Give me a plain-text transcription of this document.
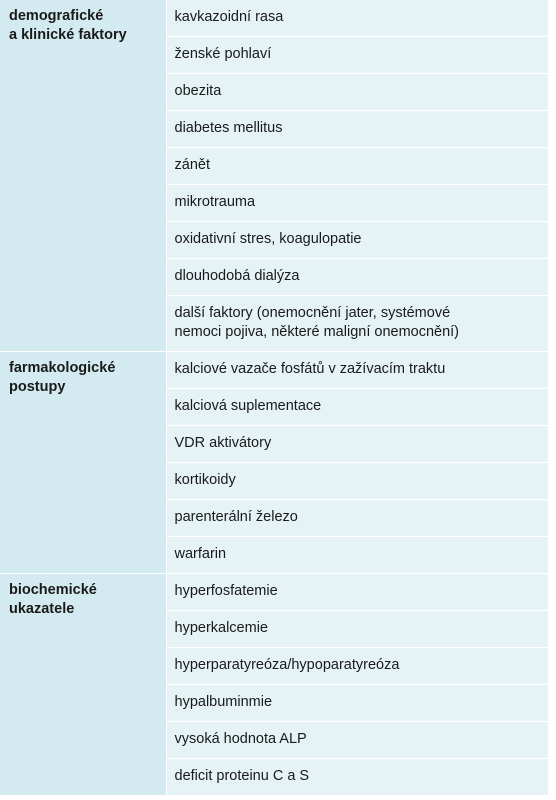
demografické
a klinické faktory	kavkazoidní rasa
	ženské pohlaví
	obezita
	diabetes mellitus
	zánět
	mikrotrauma
	oxidativní stres, koagulopatie
	dlouhodobá dialýza

	další faktory (onemocnění jater, systémové
nemoci pojiva, některé maligní onemocnění)

farmakologické
postupy	kalciové vazače fosfátů v zažívacím traktu
	kalciová suplementace
	VDR aktivátory
	kortikoidy
	parenterální železo
	warfarin

biochemické
ukazatele	hyperfosfatemie
	hyperkalcemie
	hyperparatyreóza/hypoparatyreóza
	hypalbuminmie
	vysoká hodnota ALP
	deficit proteinu C a S
